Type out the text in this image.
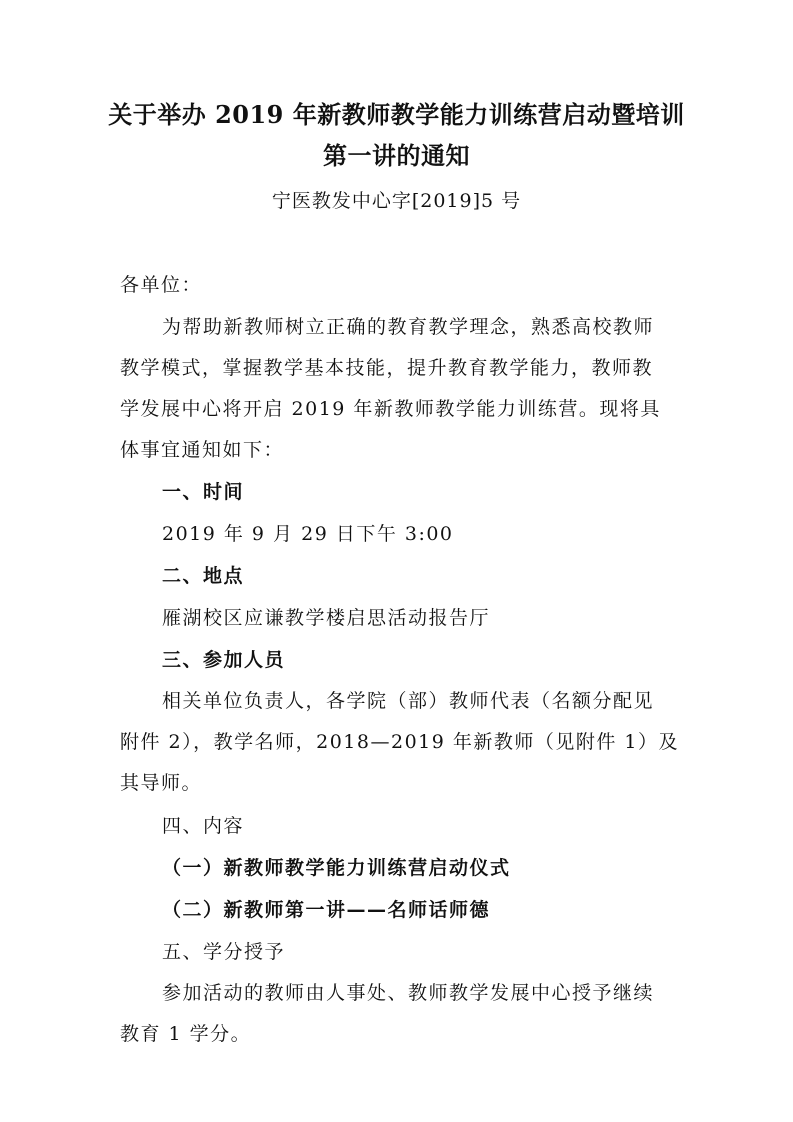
关于举办 2019 年新教师教学能力训练营启动暨培训
第一讲的通知
宁医教发中心字[2019]5 号
各单位：
为帮助新教师树立正确的教育教学理念，熟悉高校教师
教学模式，掌握教学基本技能，提升教育教学能力，教师教
学发展中心将开启 2019 年新教师教学能力训练营。现将具
体事宜通知如下：
一、时间
2019 年 9 月 29 日下午 3:00
二、地点
雁湖校区应谦教学楼启思活动报告厅
三、参加人员
相关单位负责人，各学院（部）教师代表（名额分配见
附件 2），教学名师，2018—2019 年新教师（见附件 1）及
其导师。
四、内容
（一）新教师教学能力训练营启动仪式
（二）新教师第一讲——名师话师德
五、学分授予
参加活动的教师由人事处、教师教学发展中心授予继续
教育 1 学分。
